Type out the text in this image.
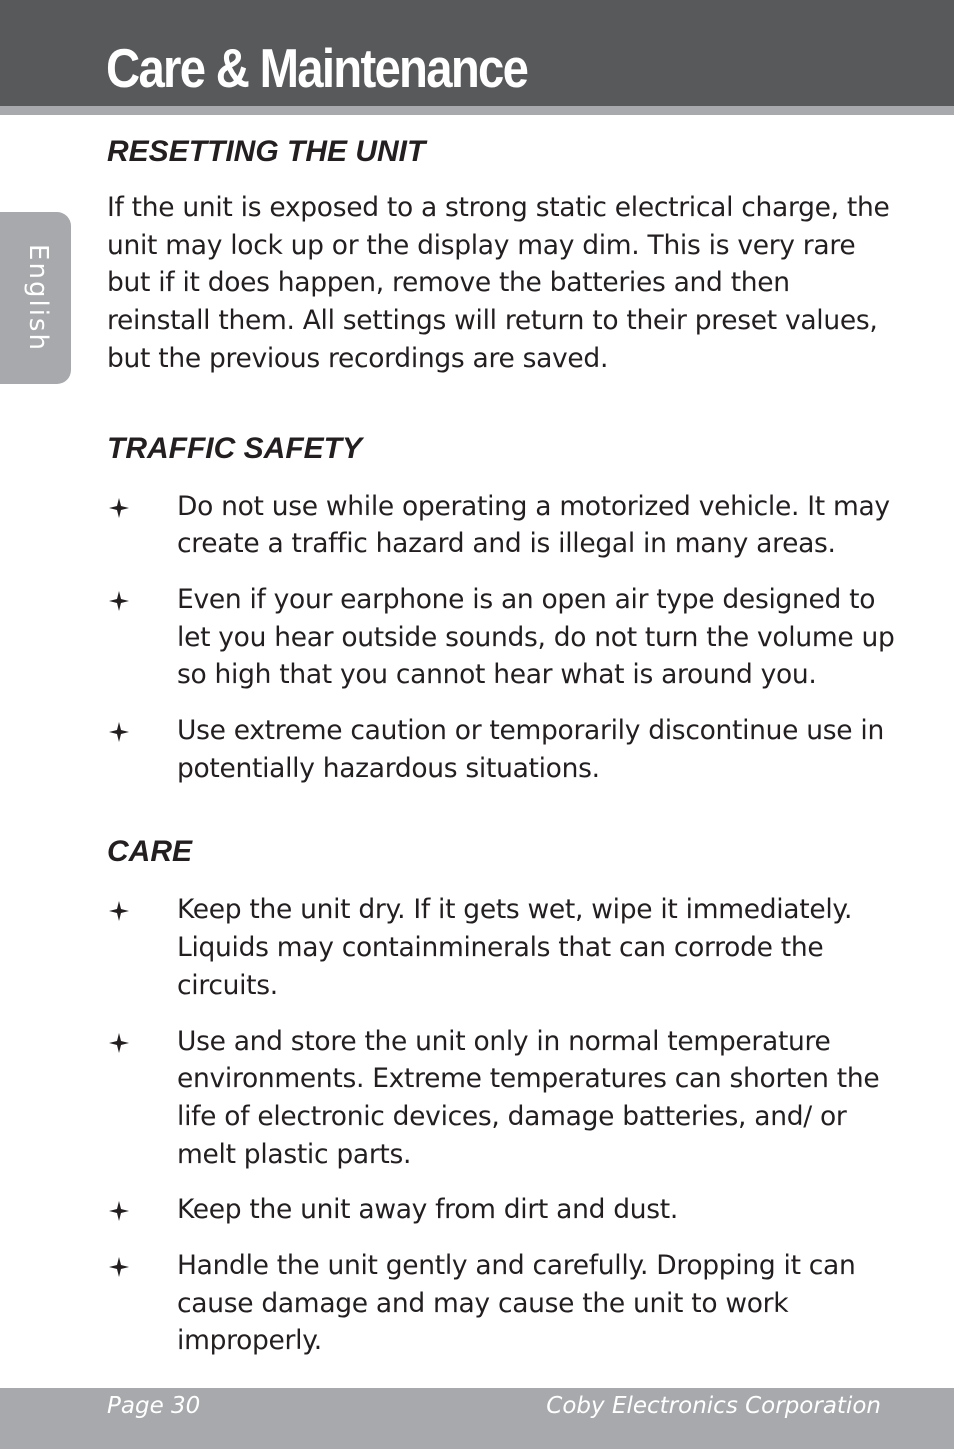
Care & Maintenance
English
RESETTING THE UNIT

If the unit is exposed to a strong static electrical charge, the unit may lock up or the display may dim. This is very rare but if it does happen, remove the batteries and then reinstall them. All settings will return to their preset values, but the previous recordings are saved.

TRAFFIC SAFETY
Do not use while operating a motorized vehicle. It may create a traffic hazard and is illegal in many areas.
Even if your earphone is an open air type designed to let you hear outside sounds, do not turn the volume up so high that you cannot hear what is around you.
Use extreme caution or temporarily discontinue use in potentially hazardous situations.
CARE
Keep the unit dry. If it gets wet, wipe it immediately. Liquids may containminerals that can corrode the circuits.
Use and store the unit only in normal temperature environments. Extreme temperatures can shorten the life of electronic devices, damage batteries, and/ or melt plastic parts.
Keep the unit away from dirt and dust.
Handle the unit gently and carefully. Dropping it can cause damage and may cause the unit to work improperly.
Page 30	Coby Electronics Corporation
